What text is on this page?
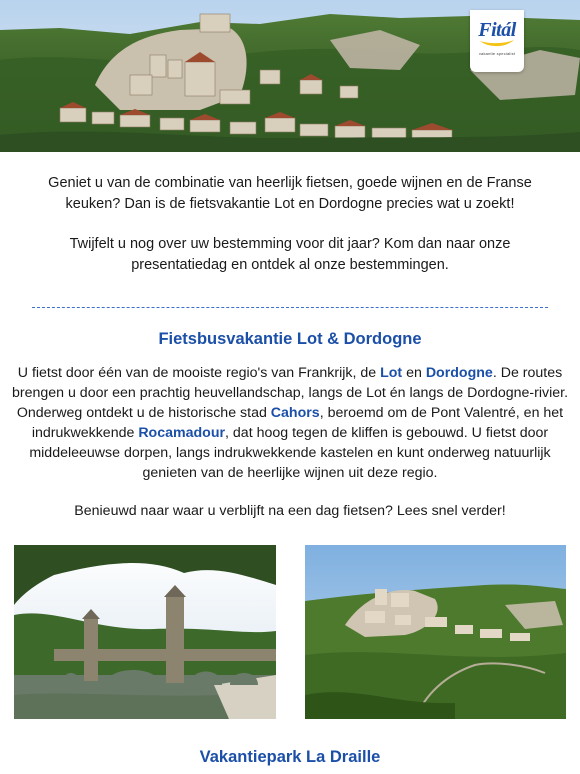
Fitál
vakantie specialist

Geniet u van de combinatie van heerlijk fietsen, goede wijnen en de Franse keuken? Dan is de fietsvakantie Lot en Dordogne precies wat u zoekt!

Twijfelt u nog over uw bestemming voor dit jaar? Kom dan naar onze presentatiedag en ontdek al onze bestemmingen.

Fietsbusvakantie Lot & Dordogne

U fietst door één van de mooiste regio's van Frankrijk, de Lot en Dordogne. De routes brengen u door een prachtig heuvellandschap, langs de Lot én langs de Dordogne-rivier. Onderweg ontdekt u de historische stad Cahors, beroemd om de Pont Valentré, en het indrukwekkende Rocamadour, dat hoog tegen de kliffen is gebouwd. U fietst door middeleeuwse dorpen, langs indrukwekkende kastelen en kunt onderweg natuurlijk genieten van de heerlijke wijnen uit deze regio.

Benieuwd naar waar u verblijft na een dag fietsen? Lees snel verder!

Vakantiepark La Draille
